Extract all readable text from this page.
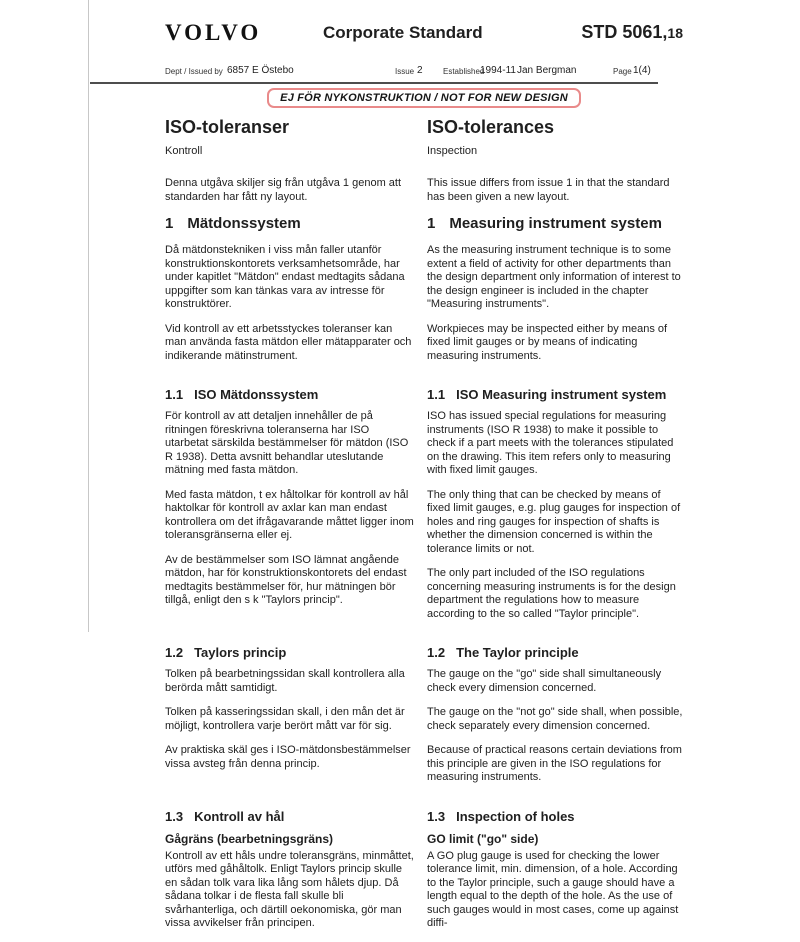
VOLVO	Corporate Standard	STD 5061,18
Dept / Issued by 6857 E Östebo	Issue 2	Established
1994-11 Jan Bergman	Page 1(4)
EJ FÖR NYKONSTRUKTION / NOT FOR NEW DESIGN
ISO-toleranser

Kontroll

ISO-tolerances

Inspection

Denna utgåva skiljer sig från utgåva 1 genom att standarden har fått ny layout.

This issue differs from issue 1 in that the standard has been given a new layout.

1 Mätdonssystem

Då mätdonstekniken i viss mån faller utanför konstruktionskontorets verksamhetsområde, har under kapitlet "Mätdon" endast medtagits sådana uppgifter som kan tänkas vara av intresse för konstruktörer.

Vid kontroll av ett arbetsstyckes toleranser kan man använda fasta mätdon eller mätapparater och indikerande mätinstrument.

1 Measuring instrument system

As the measuring instrument technique is to some extent a field of activity for other departments than the design department only information of interest to the design engineer is included in the chapter "Measuring instruments".

Workpieces may be inspected either by means of fixed limit gauges or by means of indicating measuring instruments.

1.1 ISO Mätdonssystem

För kontroll av att detaljen innehåller de på ritningen föreskrivna toleranserna har ISO utarbetat särskilda bestämmelser för mätdon (ISO R 1938). Detta avsnitt behandlar uteslutande mätning med fasta mätdon.

Med fasta mätdon, t ex håltolkar för kontroll av hål haktolkar för kontroll av axlar kan man endast kontrollera om det ifrågavarande måttet ligger inom toleransgränserna eller ej.

Av de bestämmelser som ISO lämnat angående mätdon, har för konstruktionskontorets del endast medtagits bestämmelser för, hur mätningen bör tillgå, enligt den s k "Taylors princip".

1.1 ISO Measuring instrument system

ISO has issued special regulations for measuring instruments (ISO R 1938) to make it possible to check if a part meets with the tolerances stipulated on the drawing. This item refers only to measuring with fixed limit gauges.

The only thing that can be checked by means of fixed limit gauges, e.g. plug gauges for inspection of holes and ring gauges for inspection of shafts is whether the dimension concerned is within the tolerance limits or not.

The only part included of the ISO regulations concerning measuring instruments is for the design department the regulations how to measure according to the so called "Taylor principle".

1.2 Taylors princip

Tolken på bearbetningssidan skall kontrollera alla berörda mått samtidigt.

Tolken på kasseringssidan skall, i den mån det är möjligt, kontrollera varje berört mått var för sig.

Av praktiska skäl ges i ISO-mätdonsbestämmelser vissa avsteg från denna princip.

1.2 The Taylor principle

The gauge on the "go" side shall simultaneously check every dimension concerned.

The gauge on the "not go" side shall, when possible, check separately every dimension concerned.

Because of practical reasons certain deviations from this principle are given in the ISO regulations for measuring instruments.

1.3 Kontroll av hål
Gågräns (bearbetningsgräns)

Kontroll av ett håls undre toleransgräns, minmåttet, utförs med gåhåltolk. Enligt Taylors princip skulle en sådan tolk vara lika lång som hålets djup. Då sådana tolkar i de flesta fall skulle bli svårhanterliga, och därtill oekonomiska, gör man vissa avvikelser från principen.

1.3 Inspection of holes
GO limit ("go" side)

A GO plug gauge is used for checking the lower tolerance limit, min. dimension, of a hole. According to the Taylor principle, such a gauge should have a length equal to the depth of the hole. As the use of such gauges would in most cases, come up against diffi-
